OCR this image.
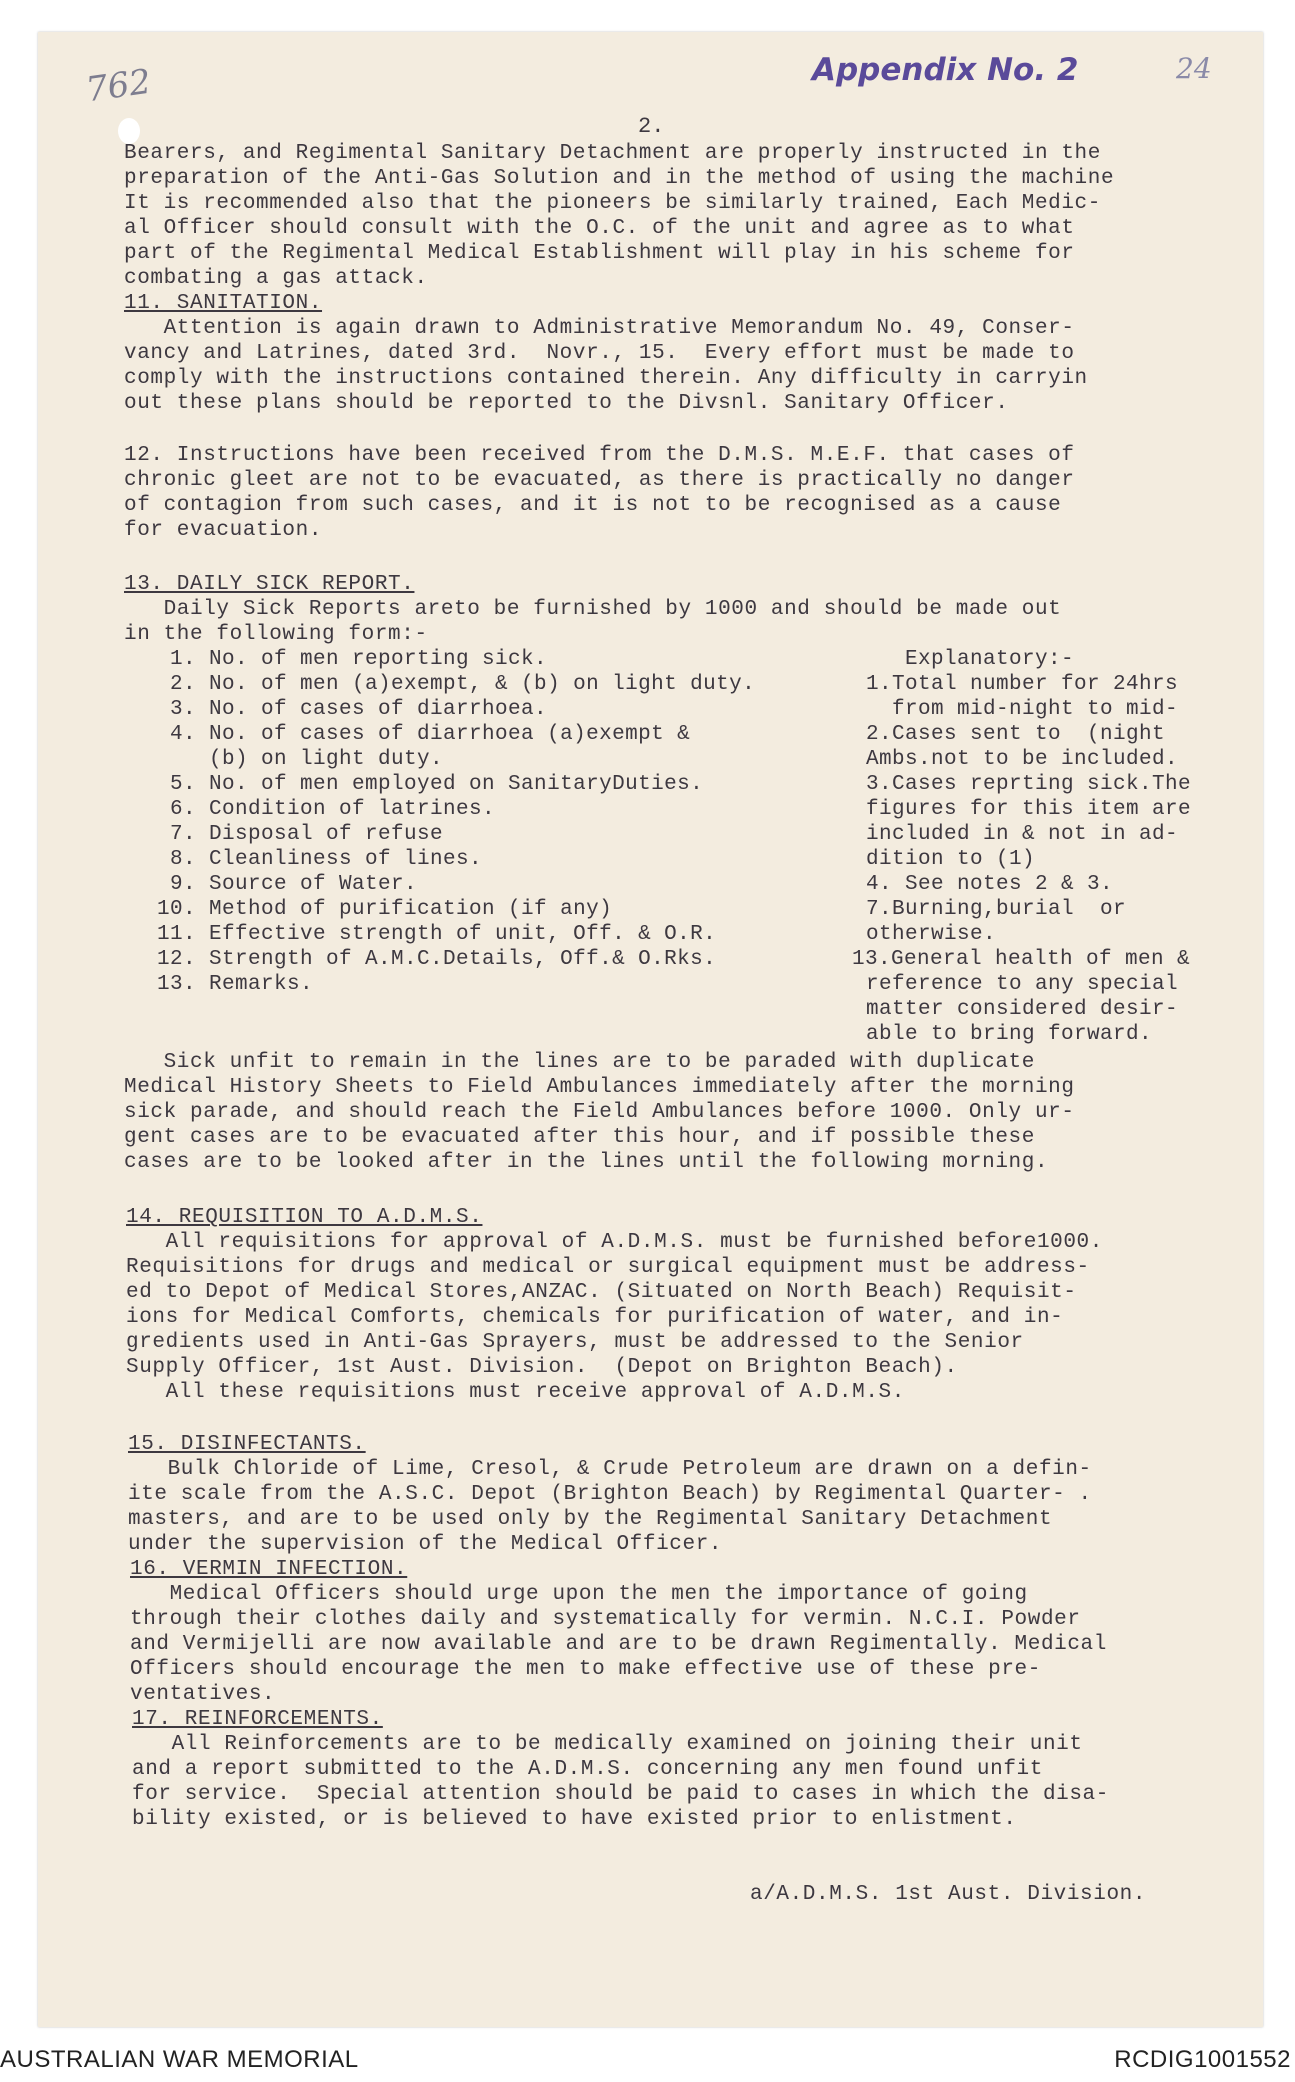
762	Appendix No. 2	24
2.
Bearers, and Regimental Sanitary Detachment are properly instructed in the
preparation of the Anti-Gas Solution and in the method of using the machine
It is recommended also that the pioneers be similarly trained, Each Medic-
al Officer should consult with the O.C. of the unit and agree as to what
part of the Regimental Medical Establishment will play in his scheme for
combating a gas attack.
11. SANITATION.
Attention is again drawn to Administrative Memorandum No. 49, Conser-
vancy and Latrines, dated 3rd.  Novr., 15.  Every effort must be made to
comply with the instructions contained therein. Any difficulty in carryin
out these plans should be reported to the Divsnl. Sanitary Officer.
12. Instructions have been received from the D.M.S. M.E.F. that cases of
chronic gleet are not to be evacuated, as there is practically no danger
of contagion from such cases, and it is not to be recognised as a cause
for evacuation.
13. DAILY SICK REPORT.
Daily Sick Reports areto be furnished by 1000 and should be made out
in the following form:-
1. No. of men reporting sick.
2. No. of men (a)exempt, & (b) on light duty.
3. No. of cases of diarrhoea.
4. No. of cases of diarrhoea (a)exempt &
(b) on light duty.
5. No. of men employed on SanitaryDuties.
6. Condition of latrines.
7. Disposal of refuse
8. Cleanliness of lines.
9. Source of Water.
10. Method of purification (if any)
11. Effective strength of unit, Off. & O.R.
12. Strength of A.M.C.Details, Off.& O.Rks.
13. Remarks.
Explanatory:-
1.Total number for 24hrs
from mid-night to mid-
2.Cases sent to  (night
Ambs.not to be included.
3.Cases reprting sick.The
figures for this item are
included in & not in ad-
dition to (1)
4. See notes 2 & 3.
7.Burning,burial  or
otherwise.
13.General health of men &
reference to any special
matter considered desir-
able to bring forward.
Sick unfit to remain in the lines are to be paraded with duplicate
Medical History Sheets to Field Ambulances immediately after the morning
sick parade, and should reach the Field Ambulances before 1000. Only ur-
gent cases are to be evacuated after this hour, and if possible these
cases are to be looked after in the lines until the following morning.
14. REQUISITION TO A.D.M.S.
All requisitions for approval of A.D.M.S. must be furnished before1000.
Requisitions for drugs and medical or surgical equipment must be address-
ed to Depot of Medical Stores,ANZAC. (Situated on North Beach) Requisit-
ions for Medical Comforts, chemicals for purification of water, and in-
gredients used in Anti-Gas Sprayers, must be addressed to the Senior
Supply Officer, 1st Aust. Division.  (Depot on Brighton Beach).
All these requisitions must receive approval of A.D.M.S.
15. DISINFECTANTS.
Bulk Chloride of Lime, Cresol, & Crude Petroleum are drawn on a defin-
ite scale from the A.S.C. Depot (Brighton Beach) by Regimental Quarter- .
masters, and are to be used only by the Regimental Sanitary Detachment
under the supervision of the Medical Officer.
16. VERMIN INFECTION.
Medical Officers should urge upon the men the importance of going
through their clothes daily and systematically for vermin. N.C.I. Powder
and Vermijelli are now available and are to be drawn Regimentally. Medical
Officers should encourage the men to make effective use of these pre-
ventatives.
17. REINFORCEMENTS.
All Reinforcements are to be medically examined on joining their unit
and a report submitted to the A.D.M.S. concerning any men found unfit
for service.  Special attention should be paid to cases in which the disa-
bility existed, or is believed to have existed prior to enlistment.
a/A.D.M.S. 1st Aust. Division.
AUSTRALIAN WAR MEMORIAL	RCDIG1001552
